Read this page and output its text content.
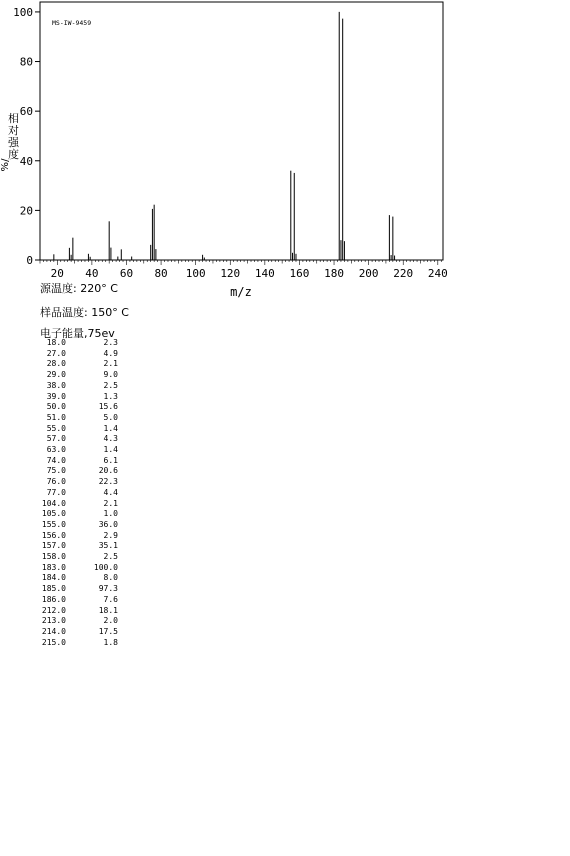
MS-IW-9459
0
20
40
60
80
100
20 40 60 80 100 120 140 160 180 200 220 240
m/z
相对强度
%/
源温度: 220° C
样品温度: 150° C
电子能量,75ev
18.0	2.3
27.0	4.9
28.0	2.1
29.0	9.0
38.0	2.5
39.0	1.3
50.0	15.6
51.0	5.0
55.0	1.4
57.0	4.3
63.0	1.4
74.0	6.1
75.0	20.6
76.0	22.3
77.0	4.4
104.0	2.1
105.0	1.0
155.0	36.0
156.0	2.9
157.0	35.1
158.0	2.5
183.0	100.0
184.0	8.0
185.0	97.3
186.0	7.6
212.0	18.1
213.0	2.0
214.0	17.5
215.0	1.8
